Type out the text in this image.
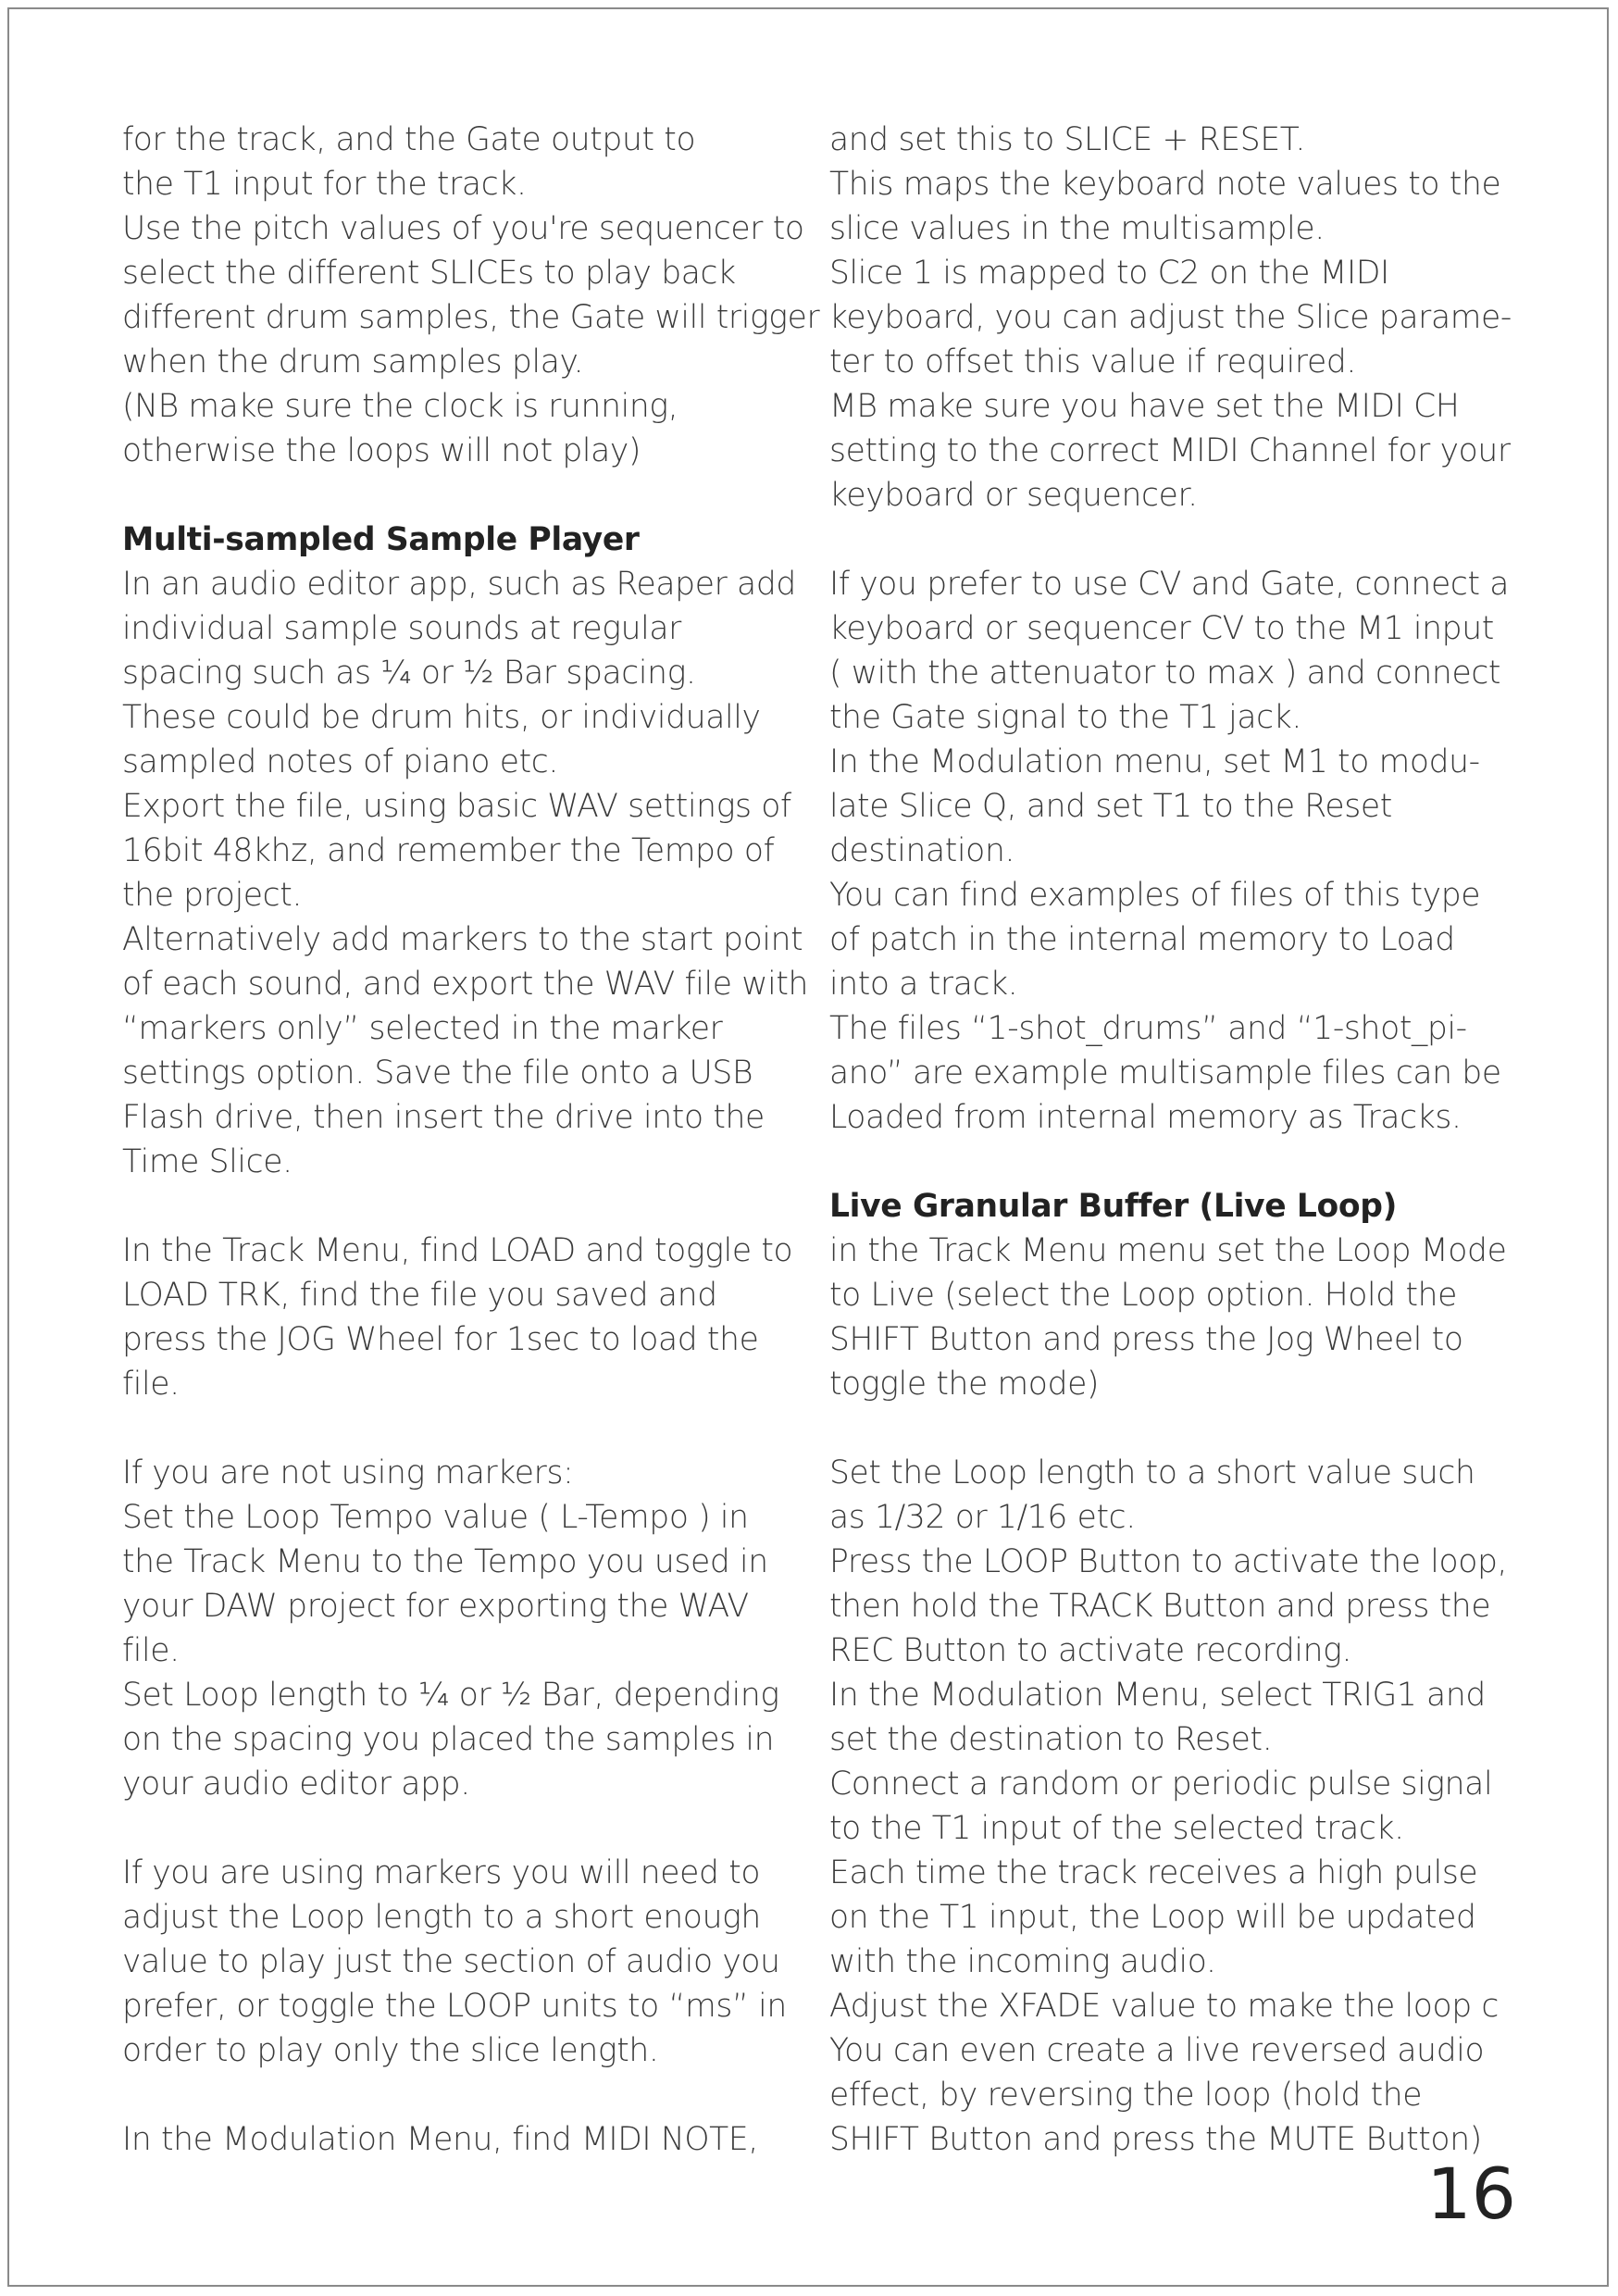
for the track, and the Gate output to
the T1 input for the track.
Use the pitch values of you're sequencer to
select the different SLICEs to play back
different drum samples, the Gate will trigger
when the drum samples play.
(NB make sure the clock is running,
otherwise the loops will not play)
Multi-sampled Sample Player
In an audio editor app, such as Reaper add
individual sample sounds at regular
spacing such as ¼ or ½ Bar spacing.
These could be drum hits, or individually
sampled notes of piano etc.
Export the file, using basic WAV settings of
16bit 48khz, and remember the Tempo of
the project.
Alternatively add markers to the start point
of each sound, and export the WAV file with
“markers only” selected in the marker
settings option. Save the file onto a USB
Flash drive, then insert the drive into the
Time Slice.
In the Track Menu, find LOAD and toggle to
LOAD TRK, find the file you saved and
press the JOG Wheel for 1sec to load the
file.
If you are not using markers:
Set the Loop Tempo value ( L-Tempo ) in
the Track Menu to the Tempo you used in
your DAW project for exporting the WAV
file.
Set Loop length to ¼ or ½ Bar, depending
on the spacing you placed the samples in
your audio editor app.
If you are using markers you will need to
adjust the Loop length to a short enough
value to play just the section of audio you
prefer, or toggle the LOOP units to “ms” in
order to play only the slice length.
In the Modulation Menu, find MIDI NOTE,
and set this to SLICE + RESET.
This maps the keyboard note values to the
slice values in the multisample.
Slice 1 is mapped to C2 on the MIDI
keyboard, you can adjust the Slice parame-
ter to offset this value if required.
MB make sure you have set the MIDI CH
setting to the correct MIDI Channel for your
keyboard or sequencer.
If you prefer to use CV and Gate, connect a
keyboard or sequencer CV to the M1 input
( with the attenuator to max ) and connect
the Gate signal to the T1 jack.
In the Modulation menu, set M1 to modu-
late Slice Q, and set T1 to the Reset
destination.
You can find examples of files of this type
of patch in the internal memory to Load
into a track.
The files “1-shot_drums” and “1-shot_pi-
ano” are example multisample files can be
Loaded from internal memory as Tracks.
Live Granular Buffer (Live Loop)
in the Track Menu menu set the Loop Mode
to Live (select the Loop option. Hold the
SHIFT Button and press the Jog Wheel to
toggle the mode)
Set the Loop length to a short value such
as 1/32 or 1/16 etc.
Press the LOOP Button to activate the loop,
then hold the TRACK Button and press the
REC Button to activate recording.
In the Modulation Menu, select TRIG1 and
set the destination to Reset.
Connect a random or periodic pulse signal
to the T1 input of the selected track.
Each time the track receives a high pulse
on the T1 input, the Loop will be updated
with the incoming audio.
Adjust the XFADE value to make the loop c
You can even create a live reversed audio
effect, by reversing the loop (hold the
SHIFT Button and press the MUTE Button)
16
